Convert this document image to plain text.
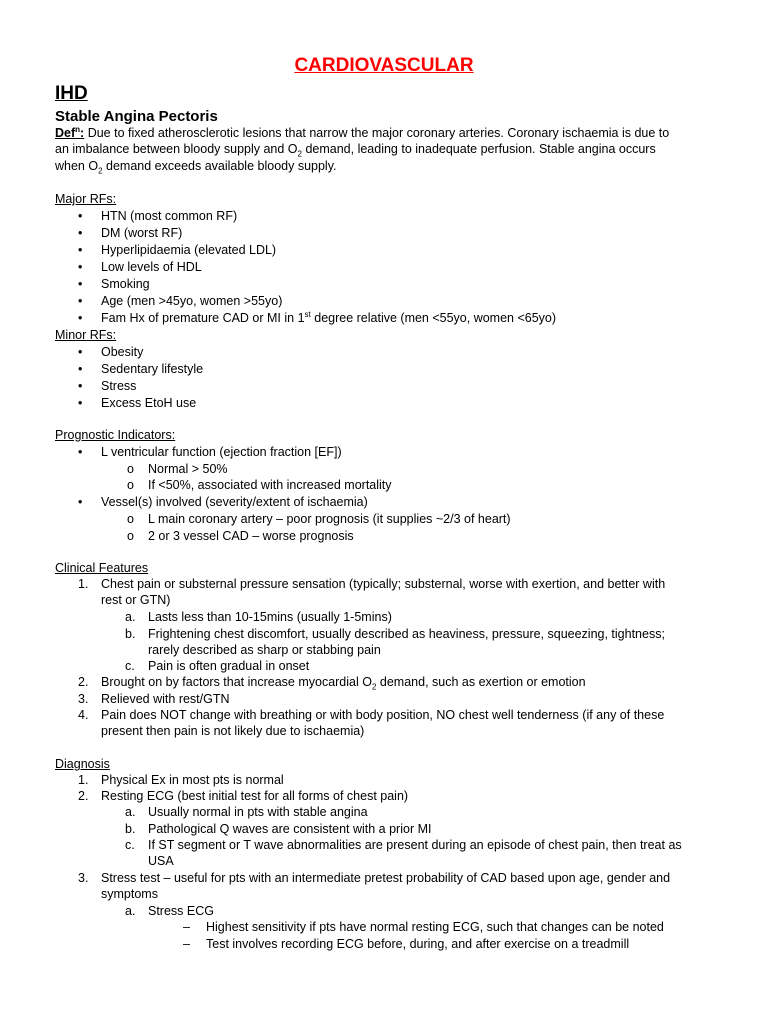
CARDIOVASCULAR
IHD
Stable Angina Pectoris
Def$^n$: Due to fixed atherosclerotic lesions that narrow the major coronary arteries. Coronary ischaemia is due to
an imbalance between bloody supply and $O_2$ demand, leading to inadequate perfusion. Stable angina occurs
when $O_2$ demand exceeds available bloody supply.
Major RFs:
•	HTN (most common RF)
•	DM (worst RF)
•	Hyperlipidaemia (elevated LDL)
•	Low levels of HDL
•	Smoking
•	Age (men >45yo, women >55yo)
•	Fam Hx of premature CAD or MI in 1st degree relative (men <55yo, women <65yo)
Minor RFs:
•	Obesity
•	Sedentary lifestyle
•	Stress
•	Excess EtoH use
Prognostic Indicators:
•	L ventricular function (ejection fraction [EF])
o	Normal > 50%
o	If <50%, associated with increased mortality
•	Vessel(s) involved (severity/extent of ischaemia)
o	L main coronary artery – poor prognosis (it supplies ~2/3 of heart)
o	2 or 3 vessel CAD – worse prognosis
Clinical Features
1.	Chest pain or substernal pressure sensation (typically; substernal, worse with exertion, and better with
rest or GTN)
a.	Lasts less than 10-15mins (usually 1-5mins)
b.	Frightening chest discomfort, usually described as heaviness, pressure, squeezing, tightness;
rarely described as sharp or stabbing pain
c.	Pain is often gradual in onset
2.	Brought on by factors that increase myocardial $O_2$ demand, such as exertion or emotion
3.	Relieved with rest/GTN
4.	Pain does NOT change with breathing or with body position, NO chest well tenderness (if any of these
present then pain is not likely due to ischaemia)
Diagnosis
1.	Physical Ex in most pts is normal
2.	Resting ECG (best initial test for all forms of chest pain)
a.	Usually normal in pts with stable angina
b.	Pathological Q waves are consistent with a prior MI
c.	If ST segment or T wave abnormalities are present during an episode of chest pain, then treat as
USA
3.	Stress test – useful for pts with an intermediate pretest probability of CAD based upon age, gender and
symptoms
a.	Stress ECG
–	Highest sensitivity if pts have normal resting ECG, such that changes can be noted
–	Test involves recording ECG before, during, and after exercise on a treadmill
